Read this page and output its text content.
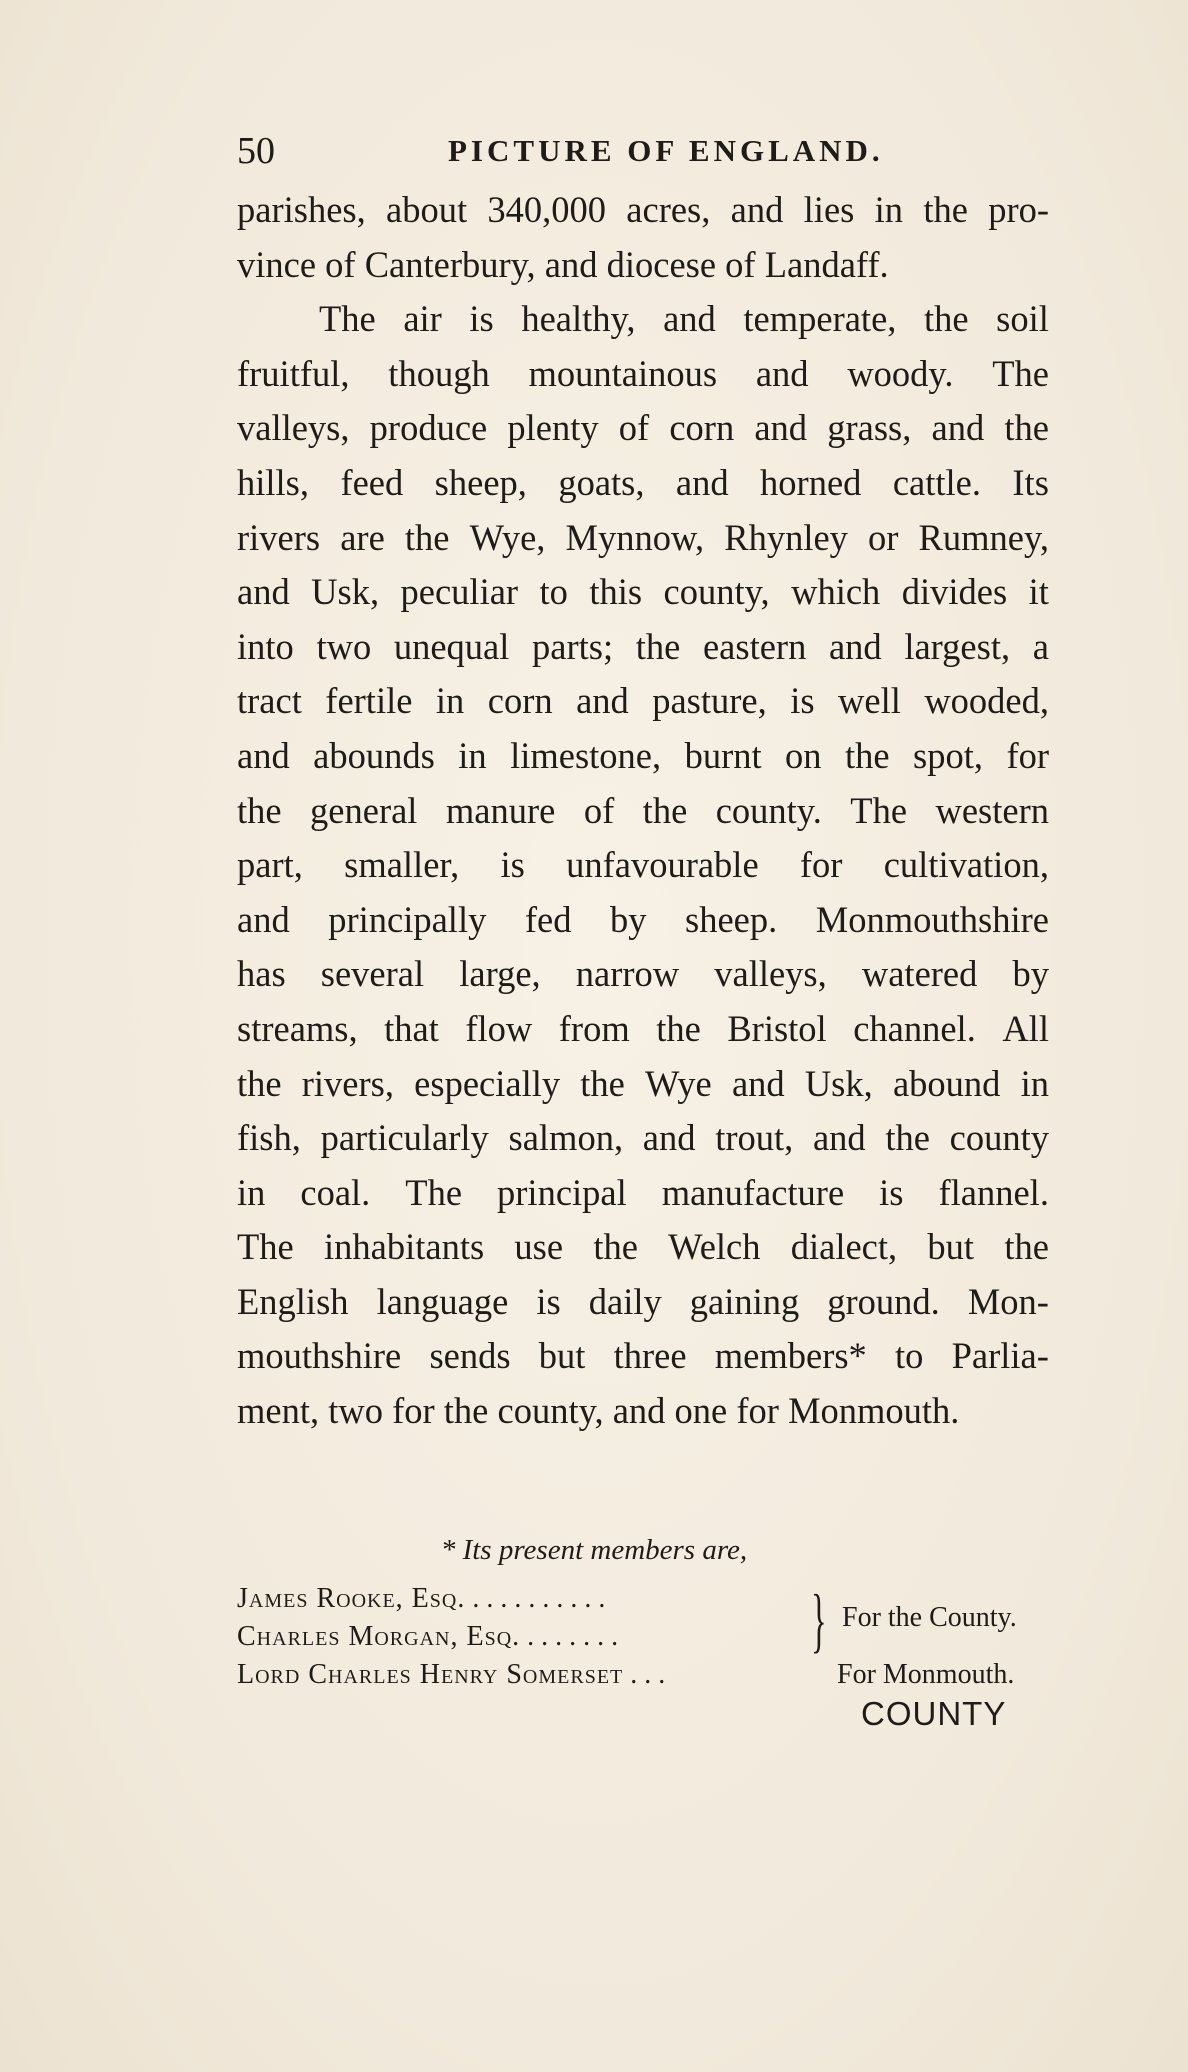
50	PICTURE OF ENGLAND.
parishes, about 340,000 acres, and lies in the pro-
vince of Canterbury, and diocese of Landaff.
The air is healthy, and temperate, the soil
fruitful, though mountainous and woody. The
valleys, produce plenty of corn and grass, and the
hills, feed sheep, goats, and horned cattle. Its
rivers are the Wye, Mynnow, Rhynley or Rumney,
and Usk, peculiar to this county, which divides it
into two unequal parts; the eastern and largest, a
tract fertile in corn and pasture, is well wooded,
and abounds in limestone, burnt on the spot, for
the general manure of the county. The western
part, smaller, is unfavourable for cultivation,
and principally fed by sheep. Monmouthshire
has several large, narrow valleys, watered by
streams, that flow from the Bristol channel. All
the rivers, especially the Wye and Usk, abound in
fish, particularly salmon, and trout, and the county
in coal. The principal manufacture is flannel.
The inhabitants use the Welch dialect, but the
English language is daily gaining ground. Mon-
mouthshire sends but three members* to Parlia-
ment, two for the county, and one for Monmouth.
* Its present members are,
James Rooke, Esq. . . . . . . . . . .
Charles Morgan, Esq. . . . . . . .	} For the County.
Lord Charles Henry Somerset . . .	For Monmouth.
COUNTY
